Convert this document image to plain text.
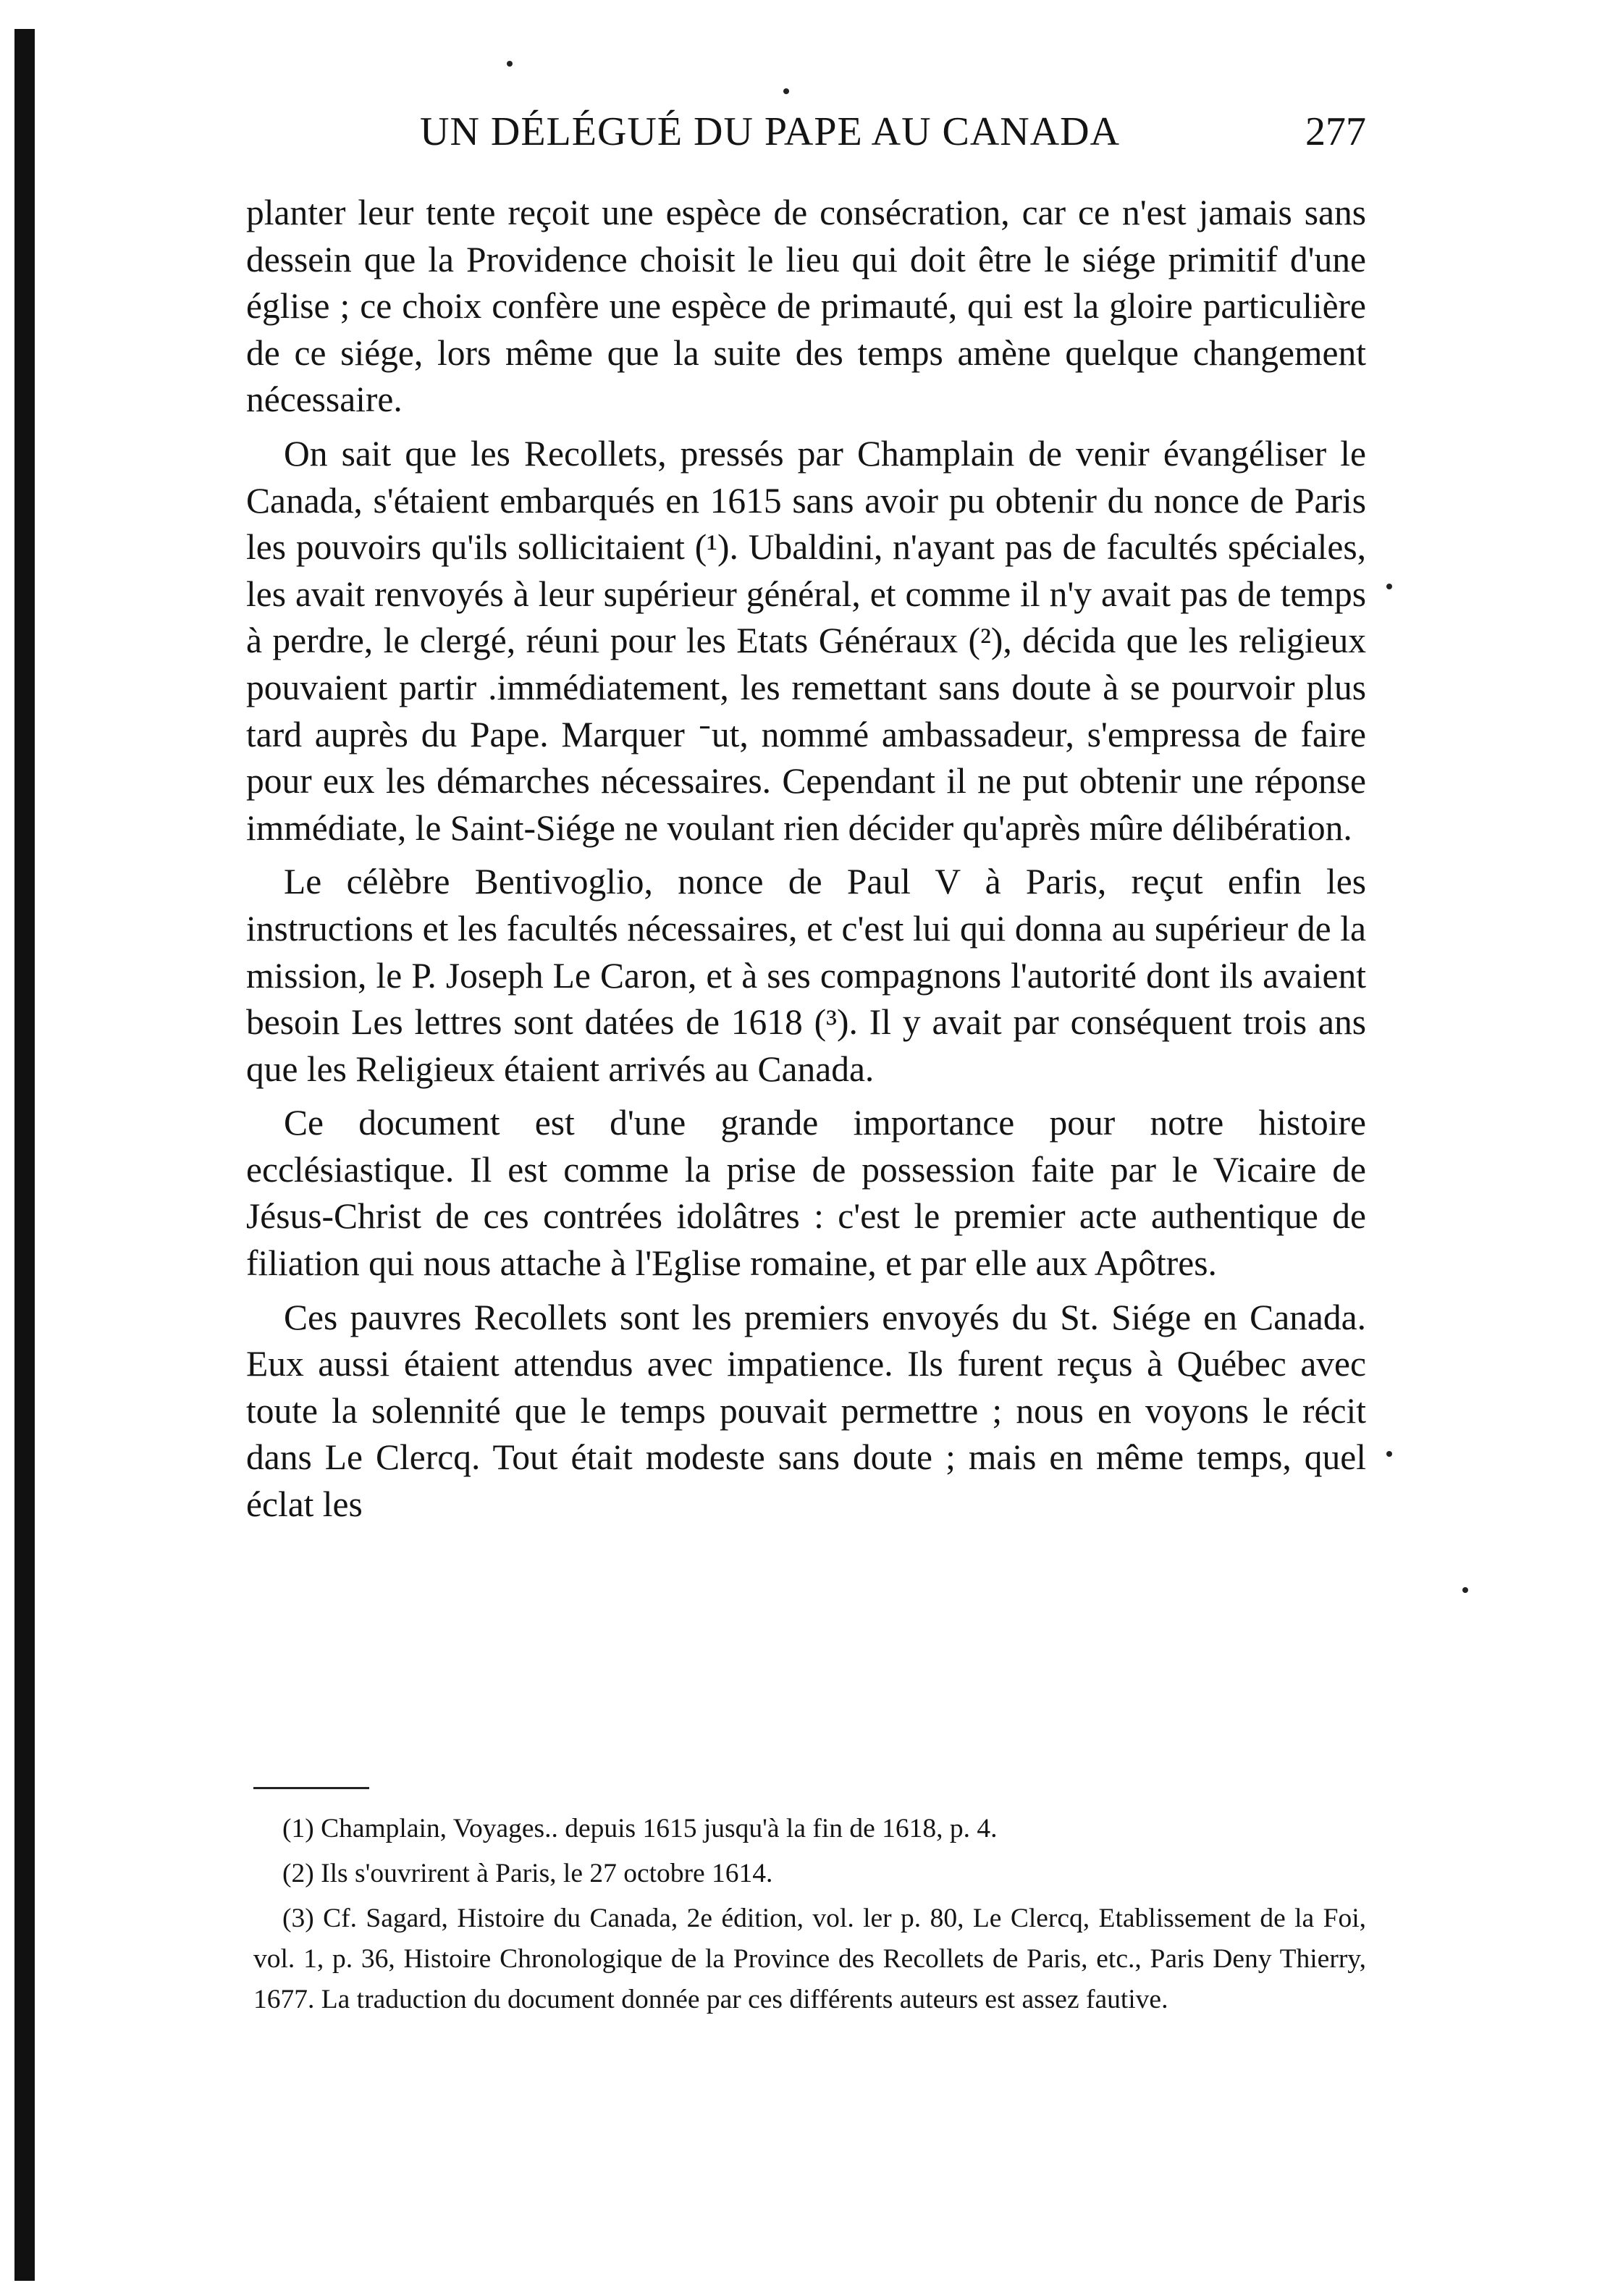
UN DÉLÉGUÉ DU PAPE AU CANADA	277

planter leur tente reçoit une espèce de consécration, car ce n'est jamais sans dessein que la Providence choisit le lieu qui doit être le siége primitif d'une église ; ce choix confère une espèce de primauté, qui est la gloire particulière de ce siége, lors même que la suite des temps amène quelque changement nécessaire.

On sait que les Recollets, pressés par Champlain de venir évangéliser le Canada, s'étaient embarqués en 1615 sans avoir pu obtenir du nonce de Paris les pouvoirs qu'ils sollicitaient (¹). Ubaldini, n'ayant pas de facultés spéciales, les avait renvoyés à leur supérieur général, et comme il n'y avait pas de temps à perdre, le clergé, réuni pour les Etats Généraux (²), décida que les religieux pouvaient partir .immédiatement, les remettant sans doute à se pourvoir plus tard auprès du Pape. Marquer ᐨut, nommé ambassadeur, s'empressa de faire pour eux les démarches nécessaires. Cependant il ne put obtenir une réponse immédiate, le Saint-Siége ne voulant rien décider qu'après mûre délibération.

Le célèbre Bentivoglio, nonce de Paul V à Paris, reçut enfin les instructions et les facultés nécessaires, et c'est lui qui donna au supérieur de la mission, le P. Joseph Le Caron, et à ses compagnons l'autorité dont ils avaient besoin Les lettres sont datées de 1618 (³). Il y avait par conséquent trois ans que les Religieux étaient arrivés au Canada.

Ce document est d'une grande importance pour notre histoire ecclésiastique. Il est comme la prise de possession faite par le Vicaire de Jésus-Christ de ces contrées idolâtres : c'est le premier acte authentique de filiation qui nous attache à l'Eglise romaine, et par elle aux Apôtres.

Ces pauvres Recollets sont les premiers envoyés du St. Siége en Canada. Eux aussi étaient attendus avec impatience. Ils furent reçus à Québec avec toute la solennité que le temps pouvait permettre ; nous en voyons le récit dans Le Clercq. Tout était modeste sans doute ; mais en même temps, quel éclat les

(1) Champlain, Voyages.. depuis 1615 jusqu'à la fin de 1618, p. 4.

(2) Ils s'ouvrirent à Paris, le 27 octobre 1614.

(3) Cf. Sagard, Histoire du Canada, 2e édition, vol. ler p. 80, Le Clercq, Etablissement de la Foi, vol. 1, p. 36, Histoire Chronologique de la Province des Recollets de Paris, etc., Paris Deny Thierry, 1677. La traduction du document donnée par ces différents auteurs est assez fautive.
